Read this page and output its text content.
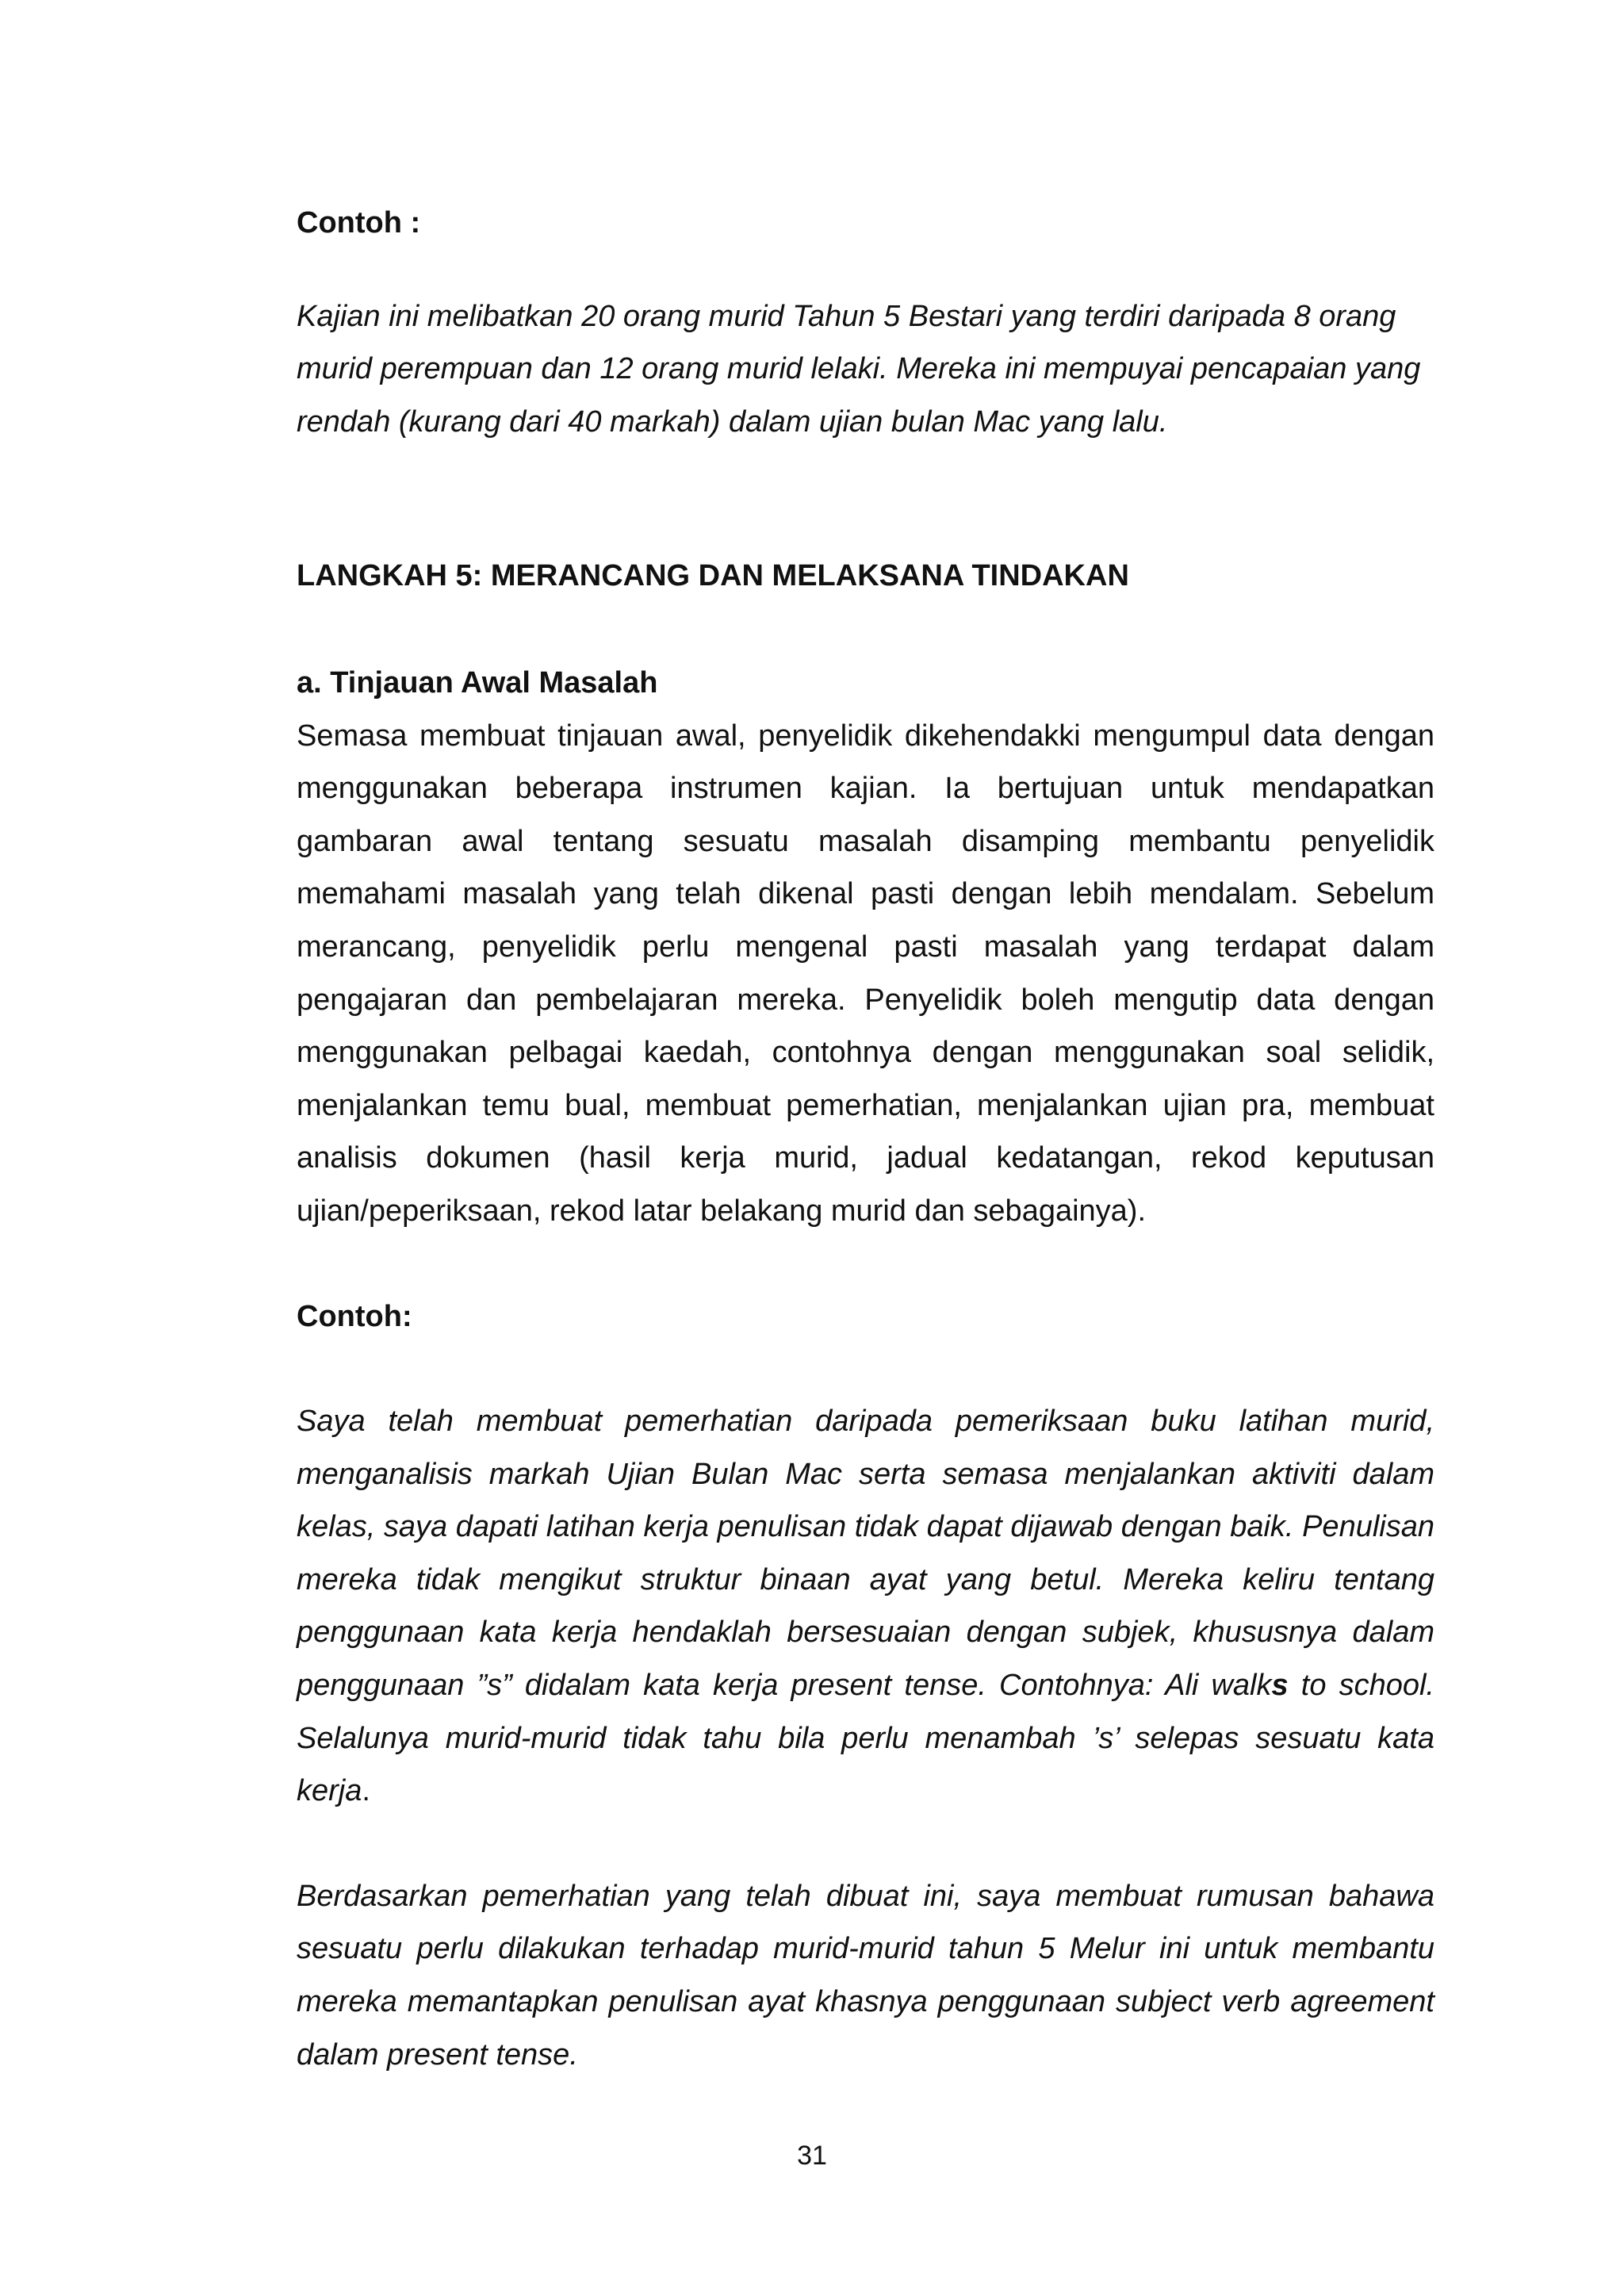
Contoh :

Kajian ini melibatkan 20 orang murid Tahun 5 Bestari yang terdiri daripada 8 orang murid perempuan dan 12 orang murid lelaki. Mereka ini mempuyai pencapaian yang rendah (kurang dari 40 markah) dalam ujian bulan Mac yang lalu.

LANGKAH 5: MERANCANG DAN MELAKSANA TINDAKAN

a. Tinjauan Awal Masalah

Semasa membuat tinjauan awal, penyelidik dikehendakki mengumpul data dengan menggunakan beberapa instrumen kajian. Ia bertujuan untuk mendapatkan gambaran awal tentang sesuatu masalah disamping membantu penyelidik memahami masalah yang telah dikenal pasti dengan lebih mendalam. Sebelum merancang, penyelidik perlu mengenal pasti masalah yang terdapat dalam pengajaran dan pembelajaran mereka. Penyelidik boleh mengutip data dengan menggunakan pelbagai kaedah, contohnya dengan menggunakan soal selidik, menjalankan temu bual, membuat pemerhatian, menjalankan ujian pra, membuat analisis dokumen (hasil kerja murid, jadual kedatangan, rekod keputusan ujian/peperiksaan, rekod latar belakang murid dan sebagainya).

Contoh:

Saya telah membuat pemerhatian daripada pemeriksaan buku latihan murid, menganalisis markah Ujian Bulan Mac serta semasa menjalankan aktiviti dalam kelas, saya dapati latihan kerja penulisan tidak dapat dijawab dengan baik. Penulisan mereka tidak mengikut struktur binaan ayat yang betul. Mereka keliru tentang penggunaan kata kerja hendaklah bersesuaian dengan subjek, khususnya dalam penggunaan ”s” didalam kata kerja present tense. Contohnya: Ali walks to school. Selalunya murid-murid tidak tahu bila perlu menambah ’s’ selepas sesuatu kata kerja.

Berdasarkan pemerhatian yang telah dibuat ini, saya membuat rumusan bahawa sesuatu perlu dilakukan terhadap murid-murid tahun 5 Melur ini untuk membantu mereka memantapkan penulisan ayat khasnya penggunaan subject verb agreement dalam present tense.

31
